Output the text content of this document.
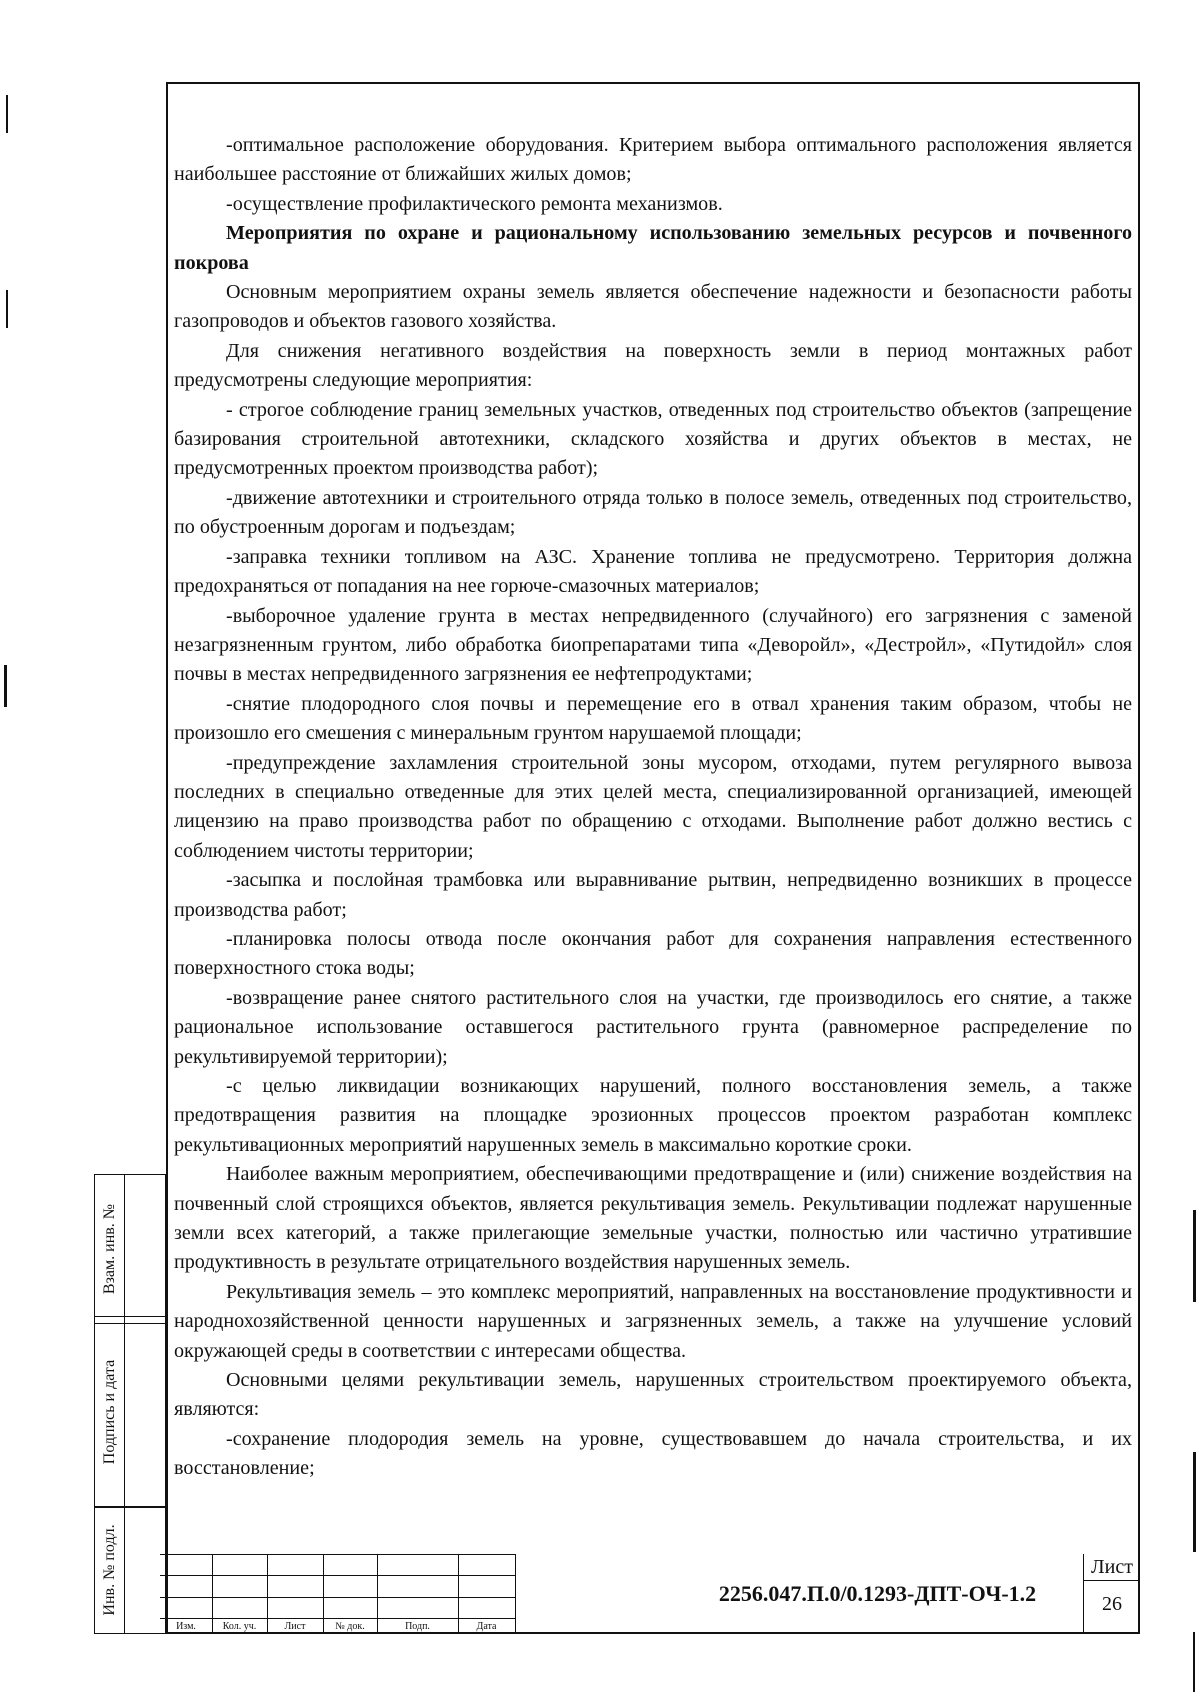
-оптимальное расположение оборудования. Критерием выбора оптимального расположения является наибольшее расстояние от ближайших жилых домов;

-осуществление профилактического ремонта механизмов.

Мероприятия по охране и рациональному использованию земельных ресурсов и почвенного покрова

Основным мероприятием охраны земель является обеспечение надежности и безопасности работы газопроводов и объектов газового хозяйства.

Для снижения негативного воздействия на поверхность земли в период монтажных работ предусмотрены следующие мероприятия:

- строгое соблюдение границ земельных участков, отведенных под строительство объектов (запрещение базирования строительной автотехники, складского хозяйства и других объектов в местах, не предусмотренных проектом производства работ);

-движение автотехники и строительного отряда только в полосе земель, отведенных под строительство, по обустроенным дорогам и подъездам;

-заправка техники топливом на АЗС. Хранение топлива не предусмотрено. Территория должна предохраняться от попадания на нее горюче-смазочных материалов;

-выборочное удаление грунта в местах непредвиденного (случайного) его загрязнения с заменой незагрязненным грунтом, либо обработка биопрепаратами типа «Деворойл», «Дестройл», «Путидойл» слоя почвы в местах непредвиденного загрязнения ее нефтепродуктами;

-снятие плодородного слоя почвы и перемещение его в отвал хранения таким образом, чтобы не произошло его смешения с минеральным грунтом нарушаемой площади;

-предупреждение захламления строительной зоны мусором, отходами, путем регулярного вывоза последних в специально отведенные для этих целей места, специализированной организацией, имеющей лицензию на право производства работ по обращению с отходами. Выполнение работ должно вестись с соблюдением чистоты территории;

-засыпка и послойная трамбовка или выравнивание рытвин, непредвиденно возникших в процессе производства работ;

-планировка полосы отвода после окончания работ для сохранения направления естественного поверхностного стока воды;

-возвращение ранее снятого растительного слоя на участки, где производилось его снятие, а также рациональное использование оставшегося растительного грунта (равномерное распределение по рекультивируемой территории);

-с целью ликвидации возникающих нарушений, полного восстановления земель, а также предотвращения развития на площадке эрозионных процессов проектом разработан комплекс рекультивационных мероприятий нарушенных земель в максимально короткие сроки.

Наиболее важным мероприятием, обеспечивающими предотвращение и (или) снижение воздействия на почвенный слой строящихся объектов, является рекультивация земель. Рекультивации подлежат нарушенные земли всех категорий, а также прилегающие земельные участки, полностью или частично утратившие продуктивность в результате отрицательного воздействия нарушенных земель.

Рекультивация земель – это комплекс мероприятий, направленных на восстановление продуктивности и народнохозяйственной ценности нарушенных и загрязненных земель, а также на улучшение условий окружающей среды в соответствии с интересами общества.

Основными целями рекультивации земель, нарушенных строительством проектируемого объекта, являются:

-сохранение плодородия земель на уровне, существовавшем до начала строительства, и их восстановление;

Взам. инв. №
Подпись и дата
Инв. № подл.
Изм.	Кол. уч.	Лист	№ док.	Подп.	Дата
2256.047.П.0/0.1293-ДПТ-ОЧ-1.2
Лист
26
